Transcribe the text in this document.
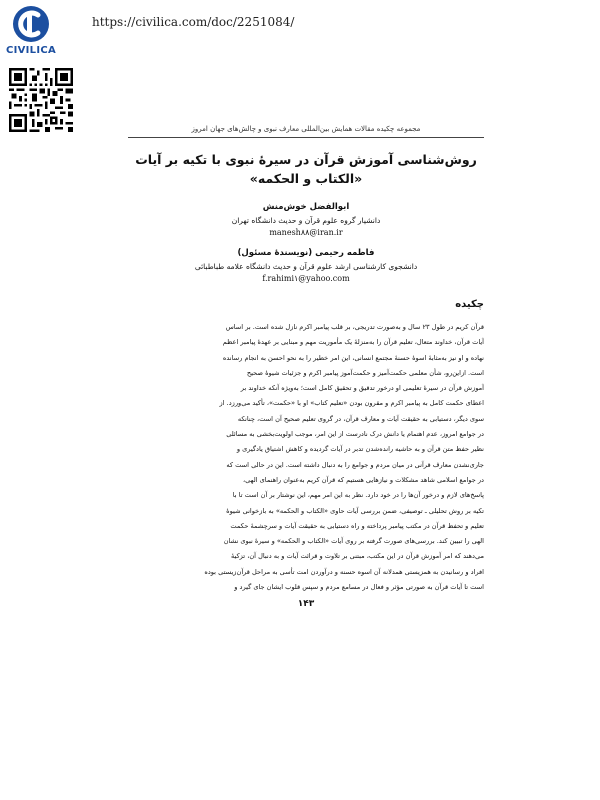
CIVILICA
https://civilica.com/doc/2251084/
مجموعه چکیده مقالات همایش بین‌المللی معارف نبوی و چالش‌های جهان امروز
روش‌شناسی آموزش قرآن در سیرهٔ نبوی با تکیه بر آیات
«الکتاب و الحکمه»
ابوالفضل خوش‌منش
دانشیار گروه علوم قرآن و حدیث دانشگاه تهران
manesh۸۸@iran.ir
فاطمه رحیمی (نویسندهٔ مسئول)
دانشجوی کارشناسی ارشد علوم قرآن و حدیث دانشگاه علامه طباطبائی
f.rahimi۱@yahoo.com
چکیده
قرآن کریم در طول ۲۳ سال و به‌صورت تدریجی، بر قلب پیامبر اکرم نازل شده است. بر اساس
آیات قرآن، خداوند متعال، تعلیم قرآن را به‌منزلهٔ یک مأموریت مهم و مبنایی بر عهدهٔ پیامبر اعظم
نهاده و او نیز به‌مثابهٔ اسوهٔ حسنهٔ مجتمع انسانی، این امر خطیر را به نحو احسن به انجام رسانده
است. ازاین‌رو، شأن معلمی حکمت‌آمیز و حکمت‌آموز پیامبر اکرم و جزئیات شیوهٔ صحیح
آموزش قرآن در سیرهٔ تعلیمی او درخور تدقیق و تحقیق کامل است؛ به‌ویژه آنکه خداوند بر
اعطای حکمت کامل به پیامبر اکرم و مقرون بودن «تعلیم کتاب» او با «حکمت»، تأکید می‌ورزد. از
سوی دیگر، دستیابی به حقیقت آیات و معارف قرآن، در گروی تعلیم صحیح آن است، چنانکه
در جوامع امروز، عدم اهتمام یا دانش درک نادرست از این امر، موجب اولویت‌بخشی به مسائلی
نظیر حفظ متن قرآن و به حاشیه رانده‌شدن تدبر در آیات گردیده و کاهش اشتیاق یادگیری و
جاری‌نشدن معارف قرآنی در میان مردم و جوامع را به دنبال داشته است. این در حالی است که
در جوامع اسلامی شاهد مشکلات و نیازهایی هستیم که قرآن کریم به‌عنوان راهنمای الهی،
پاسخ‌های لازم و درخور آن‌ها را در خود دارد. نظر به این امر مهم، این نوشتار بر آن است تا با
تکیه بر روش تحلیلی ـ توصیفی، ضمن بررسی آیات حاوی «الکتاب و الحکمه» به بازخوانی شیوهٔ
تعلیم و تحفظ قرآن در مکتب پیامبر پرداخته و راه دستیابی به حقیقت آیات و سرچشمهٔ حکمت
الهی را تبیین کند. بررسی‌های صورت گرفته بر روی آیات «الکتاب و الحکمه» و سیرهٔ نبوی نشان
می‌دهند که امر آموزش قرآن در این مکتب، مبتنی بر تلاوت و قرائت آیات و به دنبال آن، تزکیهٔ
افراد و رسانیدن به همزیستی همدلانه آن اسوه حسنه و درآوردن امت تأسی به مراحل قرآن‌زیستی بوده
است تا آیات قرآن به صورتی مؤثر و فعال در مسامع مردم و سپس قلوب ایشان جای گیرد و
۱۴۳
